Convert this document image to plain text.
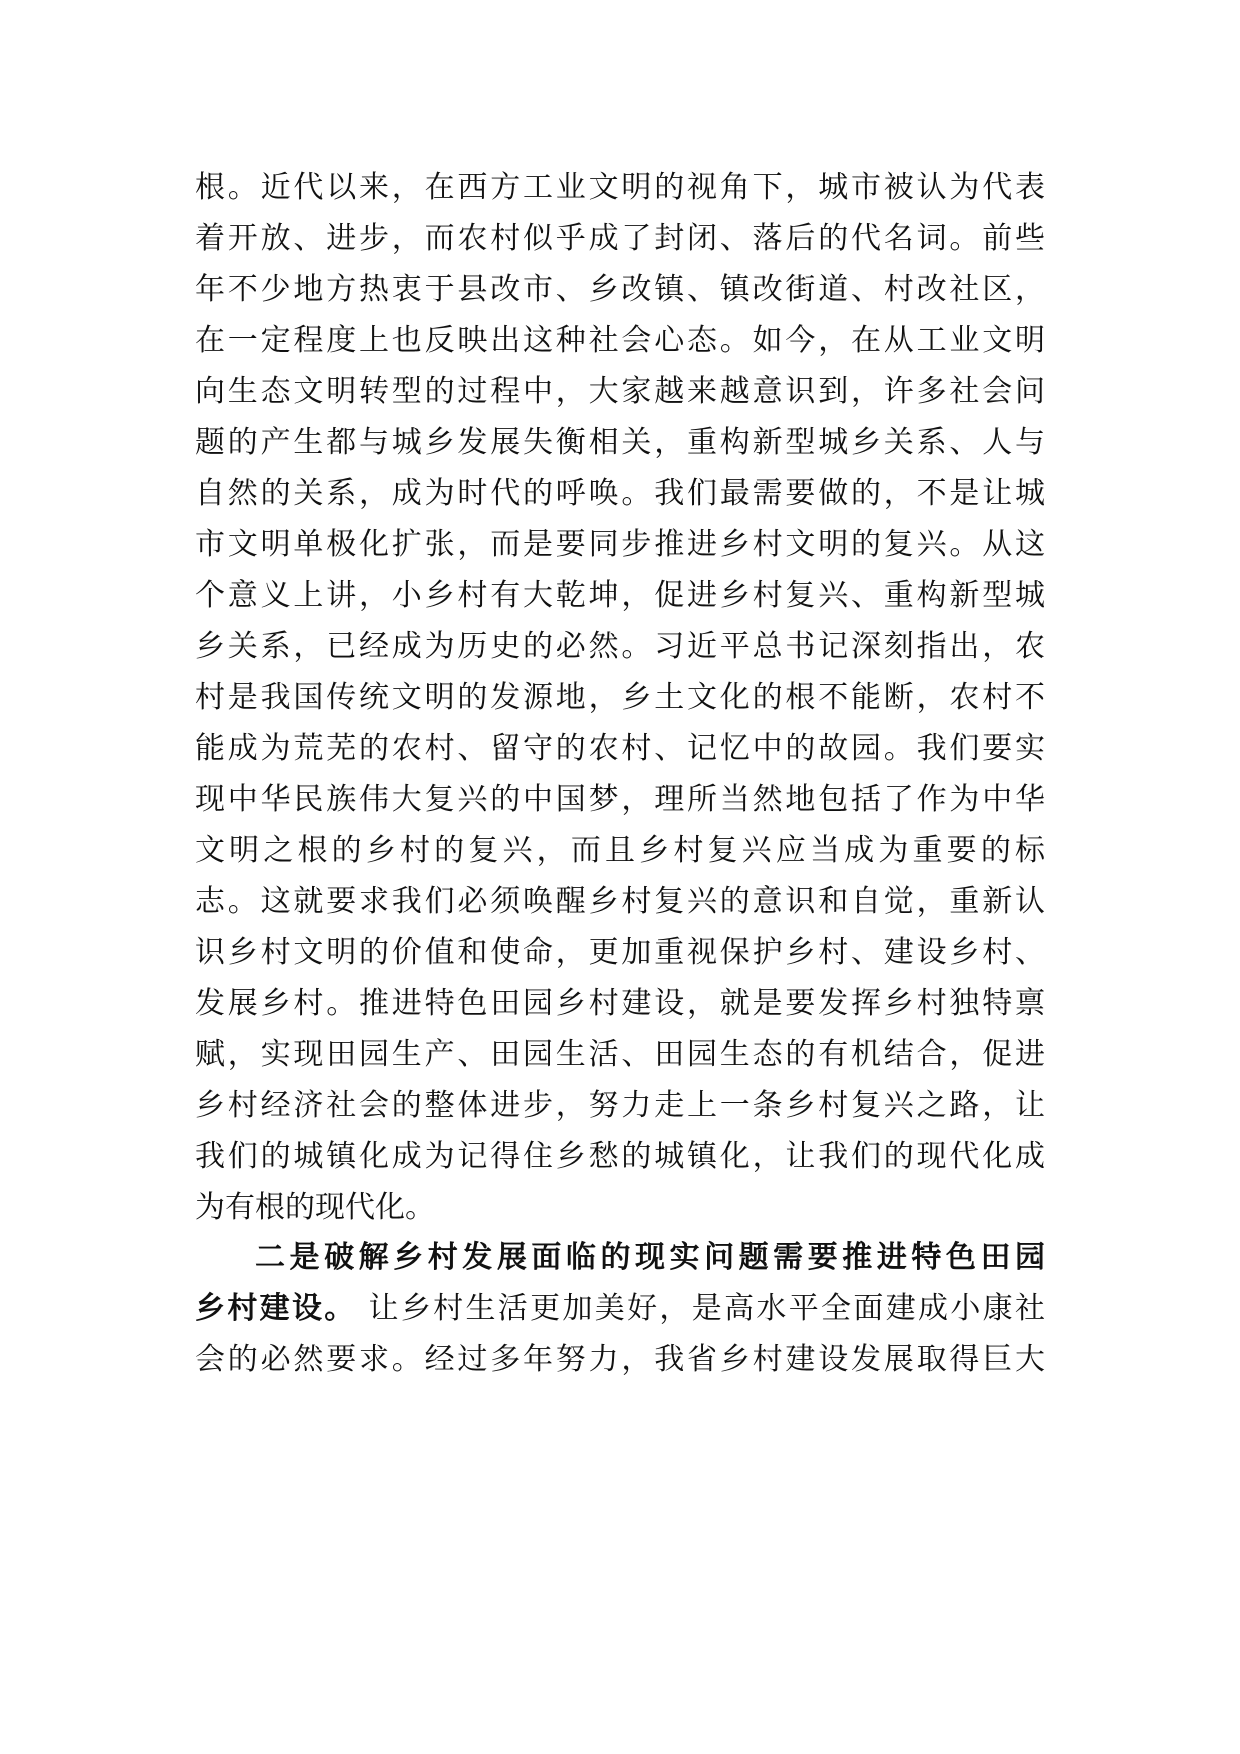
根。近代以来，在西方工业文明的视角下，城市被认为代表
着开放、进步，而农村似乎成了封闭、落后的代名词。前些
年不少地方热衷于县改市、乡改镇、镇改街道、村改社区，
在一定程度上也反映出这种社会心态。如今，在从工业文明
向生态文明转型的过程中，大家越来越意识到，许多社会问
题的产生都与城乡发展失衡相关，重构新型城乡关系、人与
自然的关系，成为时代的呼唤。我们最需要做的，不是让城
市文明单极化扩张，而是要同步推进乡村文明的复兴。从这
个意义上讲，小乡村有大乾坤，促进乡村复兴、重构新型城
乡关系，已经成为历史的必然。习近平总书记深刻指出，农
村是我国传统文明的发源地，乡土文化的根不能断，农村不
能成为荒芜的农村、留守的农村、记忆中的故园。我们要实
现中华民族伟大复兴的中国梦，理所当然地包括了作为中华
文明之根的乡村的复兴，而且乡村复兴应当成为重要的标
志。这就要求我们必须唤醒乡村复兴的意识和自觉，重新认
识乡村文明的价值和使命，更加重视保护乡村、建设乡村、
发展乡村。推进特色田园乡村建设，就是要发挥乡村独特禀
赋，实现田园生产、田园生活、田园生态的有机结合，促进
乡村经济社会的整体进步，努力走上一条乡村复兴之路，让
我们的城镇化成为记得住乡愁的城镇化，让我们的现代化成
为有根的现代化。
二是破解乡村发展面临的现实问题需要推进特色田园
乡村建设。 让乡村生活更加美好，是高水平全面建成小康社
会的必然要求。经过多年努力，我省乡村建设发展取得巨大
